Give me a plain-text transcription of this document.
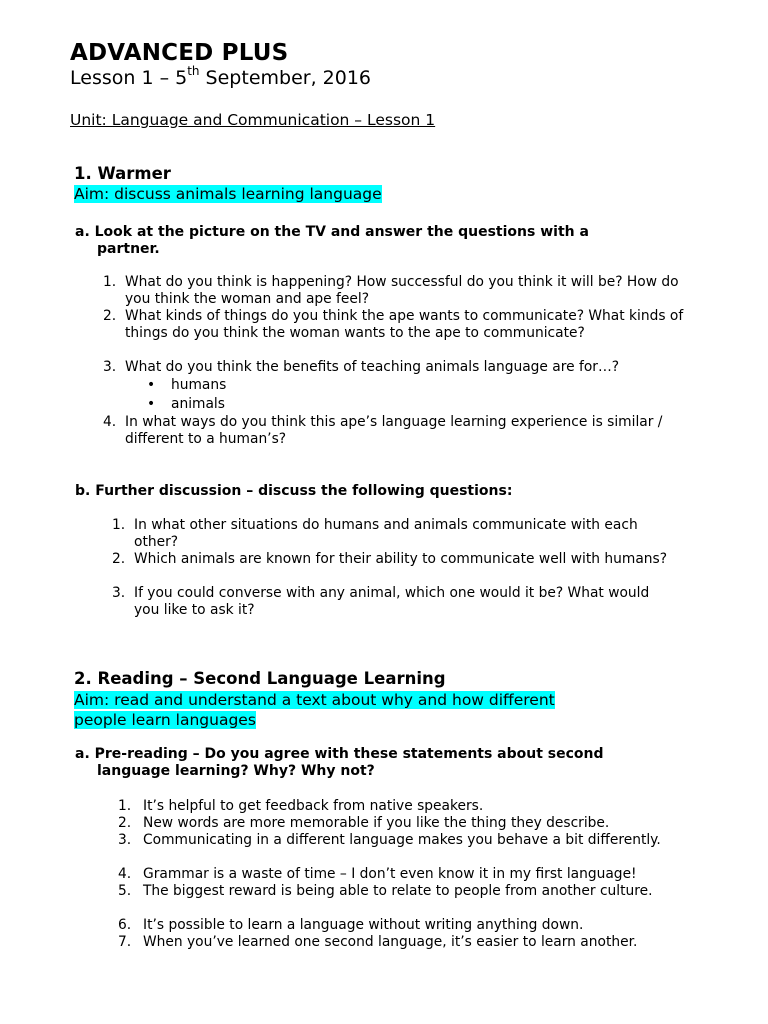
ADVANCED PLUS
Lesson 1 – 5th September, 2016
Unit: Language and Communication – Lesson 1
1. Warmer
Aim: discuss animals learning language
a. Look at the picture on the TV and answer the questions with a
partner.
1. What do you think is happening? How successful do you think it will be? How do you think the woman and ape feel?
2. What kinds of things do you think the ape wants to communicate? What kinds of things do you think the woman wants to the ape to communicate?
3. What do you think the benefits of teaching animals language are for…?
• humans
• animals
4. In what ways do you think this ape’s language learning experience is similar / different to a human’s?
b. Further discussion – discuss the following questions:
1. In what other situations do humans and animals communicate with each other?
2. Which animals are known for their ability to communicate well with humans?
3. If you could converse with any animal, which one would it be? What would you like to ask it?
2. Reading – Second Language Learning
Aim: read and understand a text about why and how different
people learn languages
a. Pre-reading – Do you agree with these statements about second
language learning? Why? Why not?
1. It’s helpful to get feedback from native speakers.
2. New words are more memorable if you like the thing they describe.
3. Communicating in a different language makes you behave a bit differently.
4. Grammar is a waste of time – I don’t even know it in my first language!
5. The biggest reward is being able to relate to people from another culture.
6. It’s possible to learn a language without writing anything down.
7. When you’ve learned one second language, it’s easier to learn another.
